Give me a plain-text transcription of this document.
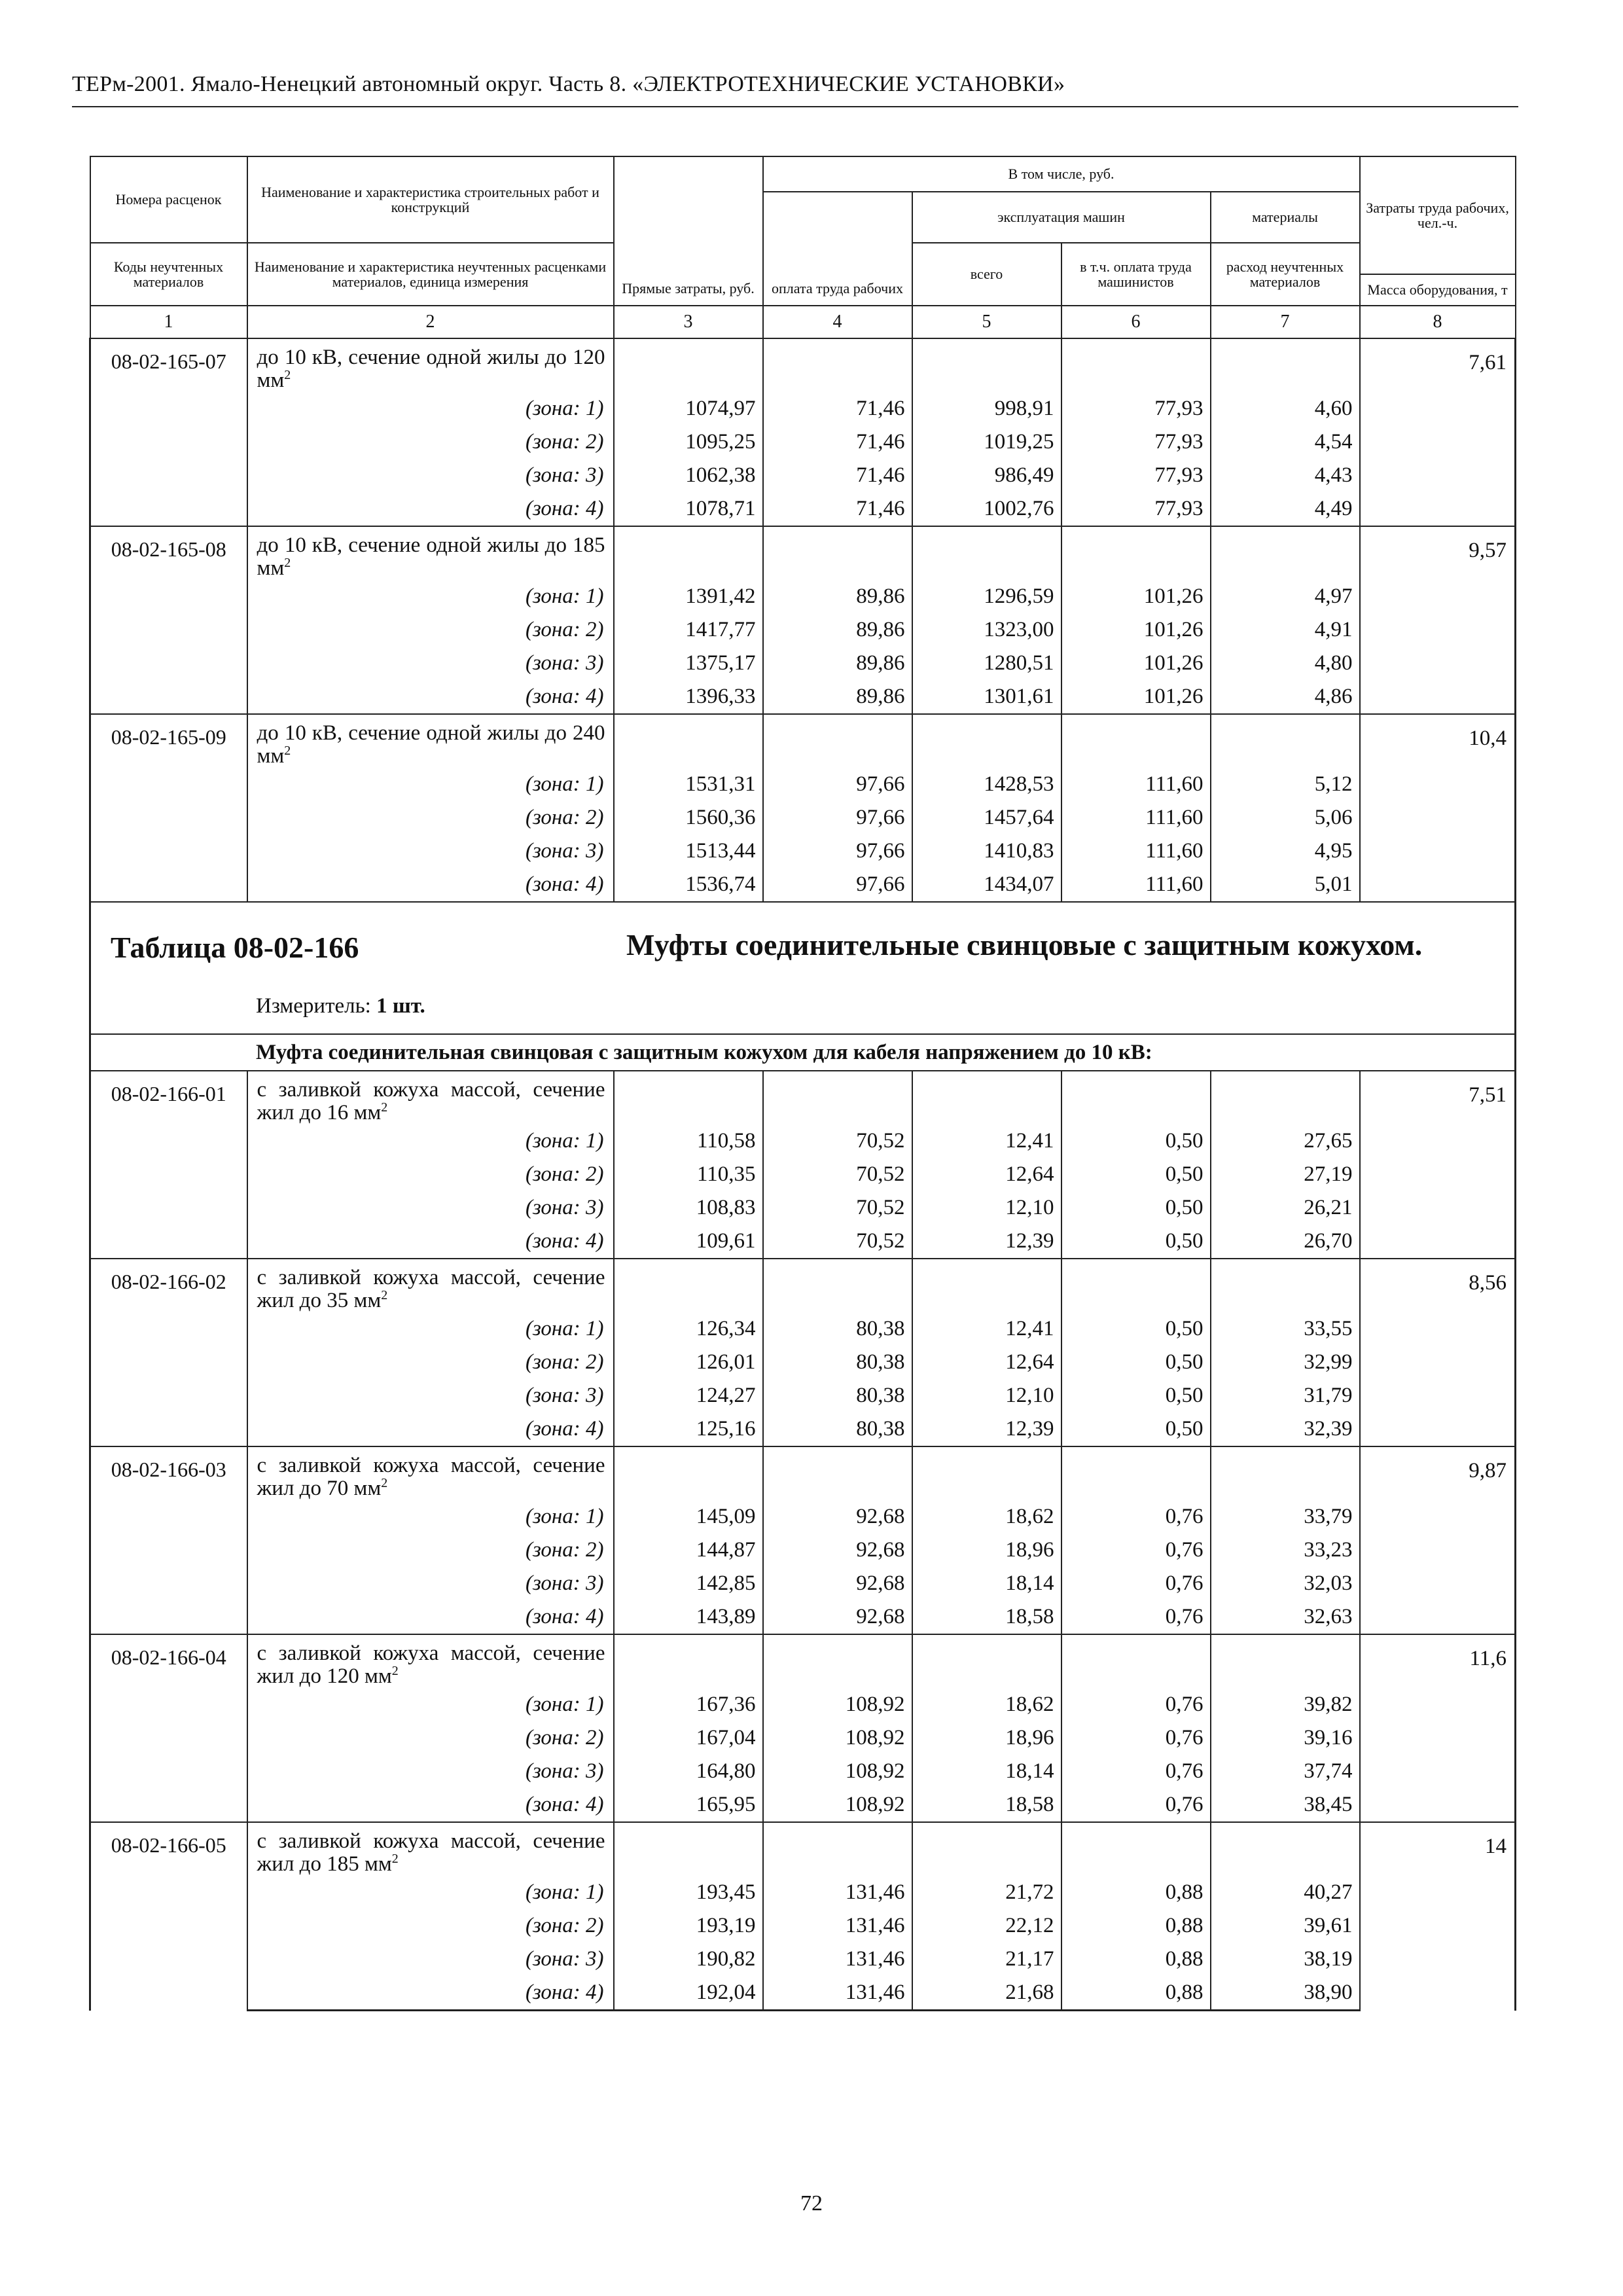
ТЕРм-2001. Ямало-Ненецкий автономный округ. Часть 8. «ЭЛЕКТРОТЕХНИЧЕСКИЕ УСТАНОВКИ»
Номера расценок	Наименование и характеристика строительных работ и конструкций	Прямые затраты, руб.	В том числе, руб.				Затраты труда рабочих, чел.-ч.
			оплата труда рабочих	эксплуатация машин		материалы	
Коды неучтенных материалов	Наименование и характеристика неучтенных расценками материалов, единица измерения			всего	в т.ч. оплата труда машинистов	расход неучтенных материалов	
							Масса оборудования, т
1	2	3	4	5	6	7	8
08-02-165-07	до 10 кВ, сечение одной жилы до 120 $мм^2$						7,61
	(зона: 1)	1074,97	71,46	998,91	77,93	4,60	
	(зона: 2)	1095,25	71,46	1019,25	77,93	4,54	
	(зона: 3)	1062,38	71,46	986,49	77,93	4,43	
	(зона: 4)	1078,71	71,46	1002,76	77,93	4,49	
08-02-165-08	до 10 кВ, сечение одной жилы до 185 $мм^2$						9,57
	(зона: 1)	1391,42	89,86	1296,59	101,26	4,97	
	(зона: 2)	1417,77	89,86	1323,00	101,26	4,91	
	(зона: 3)	1375,17	89,86	1280,51	101,26	4,80	
	(зона: 4)	1396,33	89,86	1301,61	101,26	4,86	
08-02-165-09	до 10 кВ, сечение одной жилы до 240 $мм^2$						10,4
	(зона: 1)	1531,31	97,66	1428,53	111,60	5,12	
	(зона: 2)	1560,36	97,66	1457,64	111,60	5,06	
	(зона: 3)	1513,44	97,66	1410,83	111,60	4,95	
	(зона: 4)	1536,74	97,66	1434,07	111,60	5,01	

Таблица 08-02-166 Муфты соединительные свинцовые с защитным кожухом.
Измеритель: 1 шт.							

Муфта соединительная свинцовая с защитным кожухом для кабеля напряжением до 10 кВ:							
08-02-166-01	с заливкой кожуха массой, сечение жил до 16 $мм^2$						7,51
	(зона: 1)	110,58	70,52	12,41	0,50	27,65	
	(зона: 2)	110,35	70,52	12,64	0,50	27,19	
	(зона: 3)	108,83	70,52	12,10	0,50	26,21	
	(зона: 4)	109,61	70,52	12,39	0,50	26,70	
08-02-166-02	с заливкой кожуха массой, сечение жил до 35 $мм^2$						8,56
	(зона: 1)	126,34	80,38	12,41	0,50	33,55	
	(зона: 2)	126,01	80,38	12,64	0,50	32,99	
	(зона: 3)	124,27	80,38	12,10	0,50	31,79	
	(зона: 4)	125,16	80,38	12,39	0,50	32,39	
08-02-166-03	с заливкой кожуха массой, сечение жил до 70 $мм^2$						9,87
	(зона: 1)	145,09	92,68	18,62	0,76	33,79	
	(зона: 2)	144,87	92,68	18,96	0,76	33,23	
	(зона: 3)	142,85	92,68	18,14	0,76	32,03	
	(зона: 4)	143,89	92,68	18,58	0,76	32,63	
08-02-166-04	с заливкой кожуха массой, сечение жил до 120 $мм^2$						11,6
	(зона: 1)	167,36	108,92	18,62	0,76	39,82	
	(зона: 2)	167,04	108,92	18,96	0,76	39,16	
	(зона: 3)	164,80	108,92	18,14	0,76	37,74	
	(зона: 4)	165,95	108,92	18,58	0,76	38,45	
08-02-166-05	с заливкой кожуха массой, сечение жил до 185 $мм^2$						14
	(зона: 1)	193,45	131,46	21,72	0,88	40,27	
	(зона: 2)	193,19	131,46	22,12	0,88	39,61	
	(зона: 3)	190,82	131,46	21,17	0,88	38,19	
	(зона: 4)	192,04	131,46	21,68	0,88	38,90	
72
